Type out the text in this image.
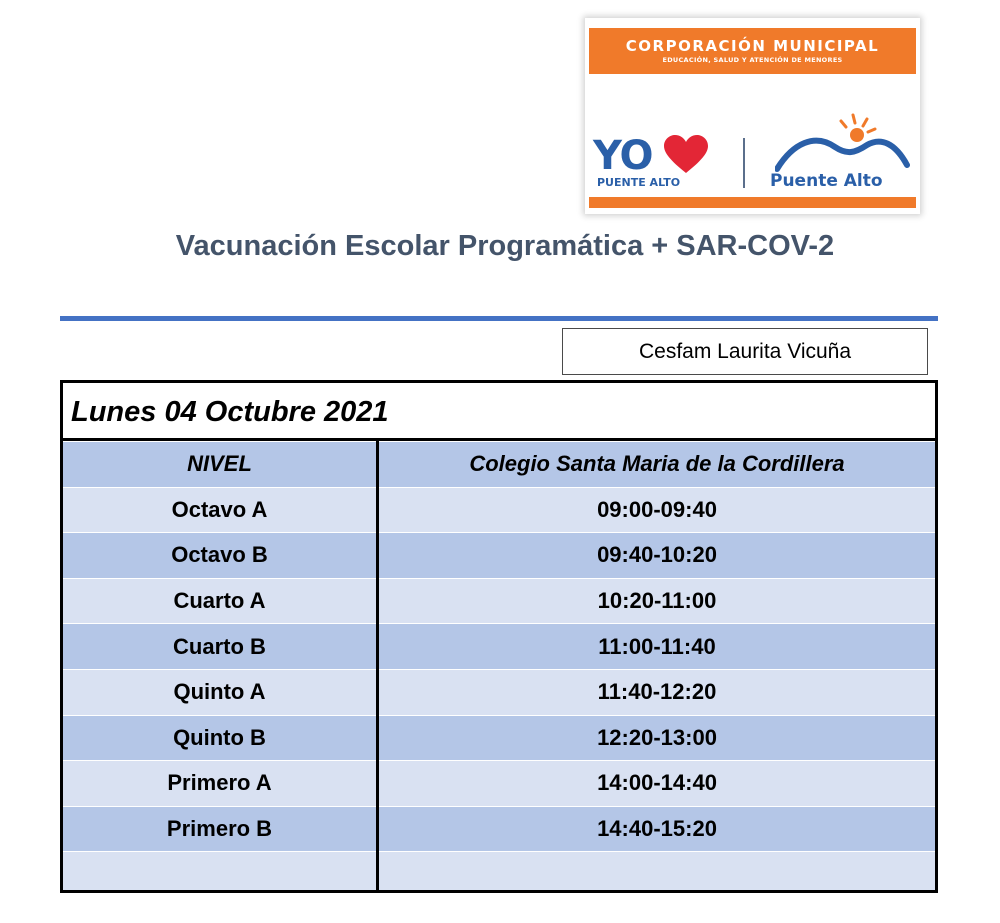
CORPORACIÓN MUNICIPAL
EDUCACIÓN, SALUD Y ATENCIÓN DE MENORES
YO
PUENTE ALTO	Puente Alto
Vacunación Escolar Programática + SAR-COV-2
Cesfam Laurita Vicuña
Lunes 04 Octubre 2021
NIVEL	Colegio Santa Maria de la Cordillera
Octavo A	09:00-09:40
Octavo B	09:40-10:20
Cuarto A	10:20-11:00
Cuarto B	11:00-11:40
Quinto A	11:40-12:20
Quinto B	12:20-13:00
Primero A	14:00-14:40
Primero B	14:40-15:20
